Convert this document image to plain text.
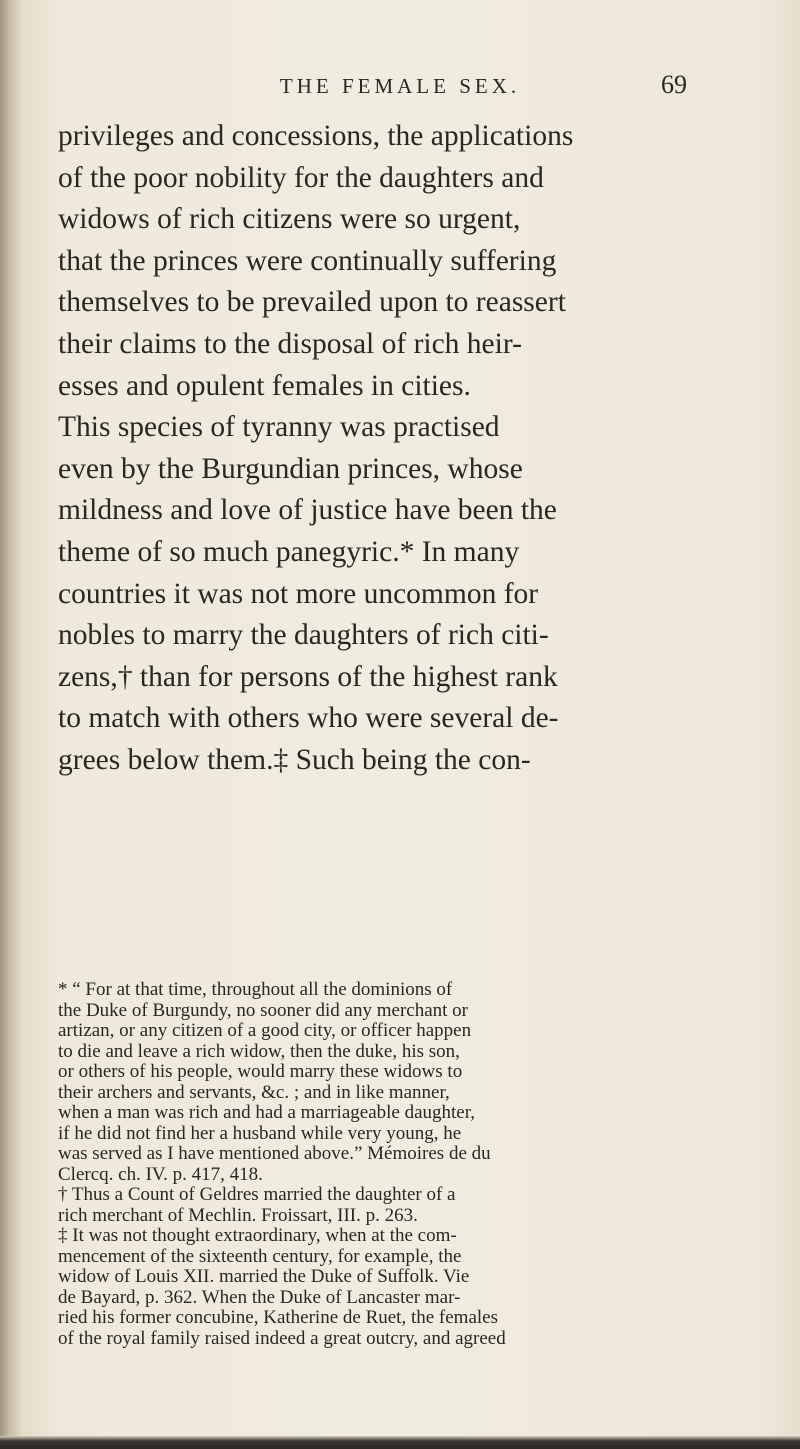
THE FEMALE SEX.	69
privileges and concessions, the applications
of the poor nobility for the daughters and
widows of rich citizens were so urgent,
that the princes were continually suffering
themselves to be prevailed upon to reassert
their claims to the disposal of rich heir-
esses and opulent females in cities.
This species of tyranny was practised
even by the Burgundian princes, whose
mildness and love of justice have been the
theme of so much panegyric.* In many
countries it was not more uncommon for
nobles to marry the daughters of rich citi-
zens,† than for persons of the highest rank
to match with others who were several de-
grees below them.‡ Such being the con-
* “ For at that time, throughout all the dominions of
the Duke of Burgundy, no sooner did any merchant or
artizan, or any citizen of a good city, or officer happen
to die and leave a rich widow, then the duke, his son,
or others of his people, would marry these widows to
their archers and servants, &c. ; and in like manner,
when a man was rich and had a marriageable daughter,
if he did not find her a husband while very young, he
was served as I have mentioned above.” Mémoires de du
Clercq. ch. IV. p. 417, 418.
† Thus a Count of Geldres married the daughter of a
rich merchant of Mechlin. Froissart, III. p. 263.
‡ It was not thought extraordinary, when at the com-
mencement of the sixteenth century, for example, the
widow of Louis XII. married the Duke of Suffolk. Vie
de Bayard, p. 362. When the Duke of Lancaster mar-
ried his former concubine, Katherine de Ruet, the females
of the royal family raised indeed a great outcry, and agreed
